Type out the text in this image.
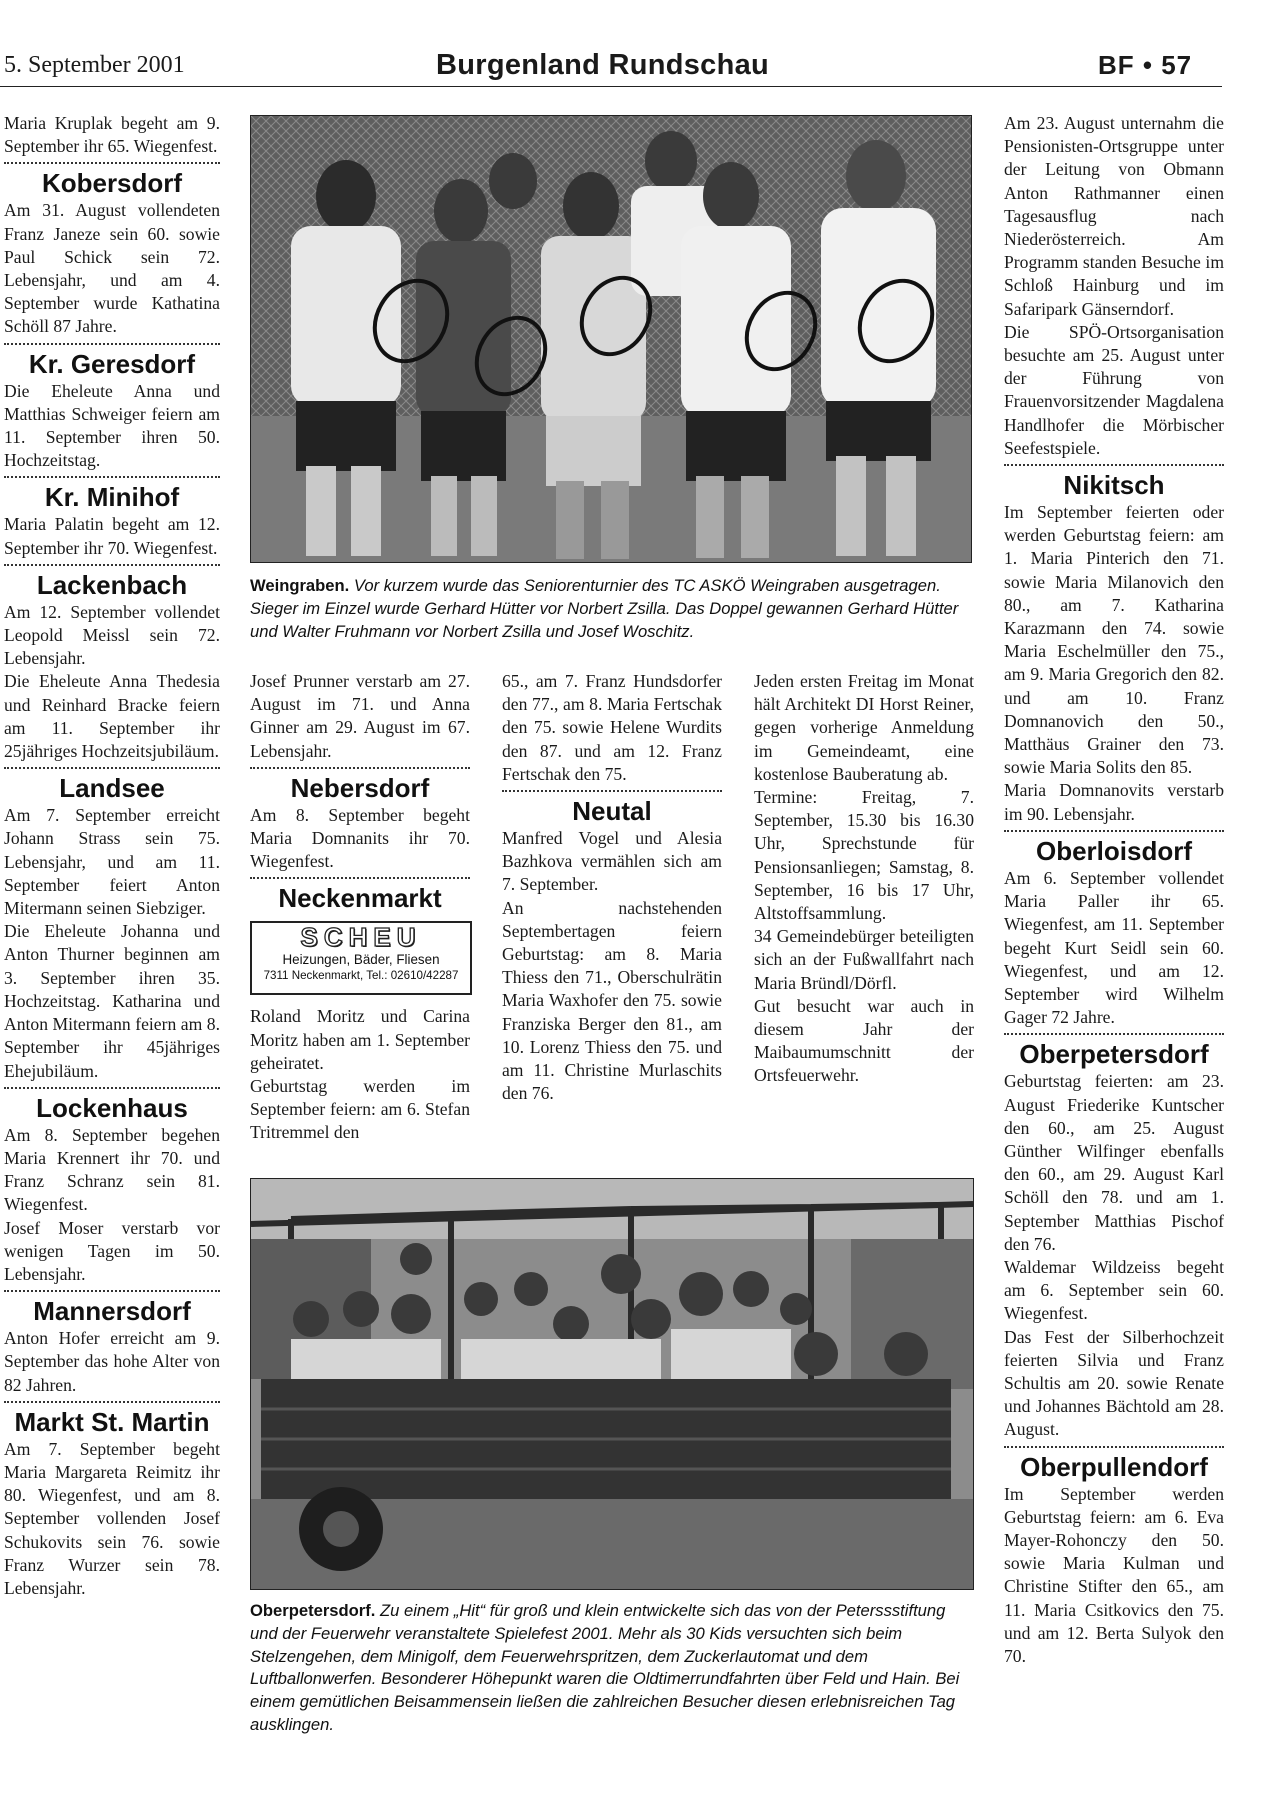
5. September 2001	Burgenland Rundschau	BF • 57

Maria Kruplak begeht am 9. September ihr 65. Wiegenfest.

Kobersdorf

Am 31. August vollendeten Franz Janeze sein 60. sowie Paul Schick sein 72. Lebensjahr, und am 4. September wurde Kathatina Schöll 87 Jahre.

Kr. Geresdorf

Die Eheleute Anna und Matthias Schweiger feiern am 11. September ihren 50. Hochzeitstag.

Kr. Minihof

Maria Palatin begeht am 12. September ihr 70. Wiegenfest.

Lackenbach

Am 12. September vollendet Leopold Meissl sein 72. Lebensjahr.

Die Eheleute Anna Thedesia und Reinhard Bracke feiern am 11. September ihr 25jähriges Hochzeitsjubiläum.

Landsee

Am 7. September erreicht Johann Strass sein 75. Lebensjahr, und am 11. September feiert Anton Mitermann seinen Siebziger.

Die Eheleute Johanna und Anton Thurner beginnen am 3. September ihren 35. Hochzeitstag. Katharina und Anton Mitermann feiern am 8. September ihr 45jähriges Ehejubiläum.

Lockenhaus

Am 8. September begehen Maria Krennert ihr 70. und Franz Schranz sein 81. Wiegenfest.

Josef Moser verstarb vor wenigen Tagen im 50. Lebensjahr.

Mannersdorf

Anton Hofer erreicht am 9. September das hohe Alter von 82 Jahren.

Markt St. Martin

Am 7. September begeht Maria Margareta Reimitz ihr 80. Wiegenfest, und am 8. September vollenden Josef Schukovits sein 76. sowie Franz Wurzer sein 78. Lebensjahr.

Weingraben. Vor kurzem wurde das Seniorenturnier des TC ASKÖ Weingraben ausgetragen. Sieger im Einzel wurde Gerhard Hütter vor Norbert Zsilla. Das Doppel gewannen Gerhard Hütter und Walter Fruhmann vor Norbert Zsilla und Josef Woschitz.

Josef Prunner verstarb am 27. August im 71. und Anna Ginner am 29. August im 67. Lebensjahr.

Nebersdorf

Am 8. September begeht Maria Domnanits ihr 70. Wiegenfest.

Neckenmarkt
SCHEU
Heizungen, Bäder, Fliesen
7311 Neckenmarkt, Tel.: 02610/42287

Roland Moritz und Carina Moritz haben am 1. September geheiratet.

Geburtstag werden im September feiern: am 6. Stefan Tritremmel den

65., am 7. Franz Hundsdorfer den 77., am 8. Maria Fertschak den 75. sowie Helene Wurdits den 87. und am 12. Franz Fertschak den 75.

Neutal

Manfred Vogel und Alesia Bazhkova vermählen sich am 7. September.

An nachstehenden Septembertagen feiern Geburtstag: am 8. Maria Thiess den 71., Oberschulrätin Maria Waxhofer den 75. sowie Franziska Berger den 81., am 10. Lorenz Thiess den 75. und am 11. Christine Murlaschits den 76.

Jeden ersten Freitag im Monat hält Architekt DI Horst Reiner, gegen vorherige Anmeldung im Gemeindeamt, eine kostenlose Bauberatung ab.

Termine: Freitag, 7. September, 15.30 bis 16.30 Uhr, Sprechstunde für Pensionsanliegen; Samstag, 8. September, 16 bis 17 Uhr, Altstoffsammlung.

34 Gemeindebürger beteiligten sich an der Fußwallfahrt nach Maria Bründl/Dörfl.

Gut besucht war auch in diesem Jahr der Maibaumumschnitt der Ortsfeuerwehr.

Oberpetersdorf. Zu einem „Hit“ für groß und klein entwickelte sich das von der Peterssstiftung und der Feuerwehr veranstaltete Spielefest 2001. Mehr als 30 Kids versuchten sich beim Stelzengehen, dem Minigolf, dem Feuerwehrspritzen, dem Zuckerlautomat und dem Luftballonwerfen. Besonderer Höhepunkt waren die Oldtimerrundfahrten über Feld und Hain. Bei einem gemütlichen Beisammensein ließen die zahlreichen Besucher diesen erlebnisreichen Tag ausklingen.

Am 23. August unternahm die Pensionisten-Ortsgruppe unter der Leitung von Obmann Anton Rathmanner einen Tagesausflug nach Niederösterreich. Am Programm standen Besuche im Schloß Hainburg und im Safaripark Gänserndorf.

Die SPÖ-Ortsorganisation besuchte am 25. August unter der Führung von Frauenvorsitzender Magdalena Handlhofer die Mörbischer Seefestspiele.

Nikitsch

Im September feierten oder werden Geburtstag feiern: am 1. Maria Pinterich den 71. sowie Maria Milanovich den 80., am 7. Katharina Karazmann den 74. sowie Maria Eschelmüller den 75., am 9. Maria Gregorich den 82. und am 10. Franz Domnanovich den 50., Matthäus Grainer den 73. sowie Maria Solits den 85.

Maria Domnanovits verstarb im 90. Lebensjahr.

Oberloisdorf

Am 6. September vollendet Maria Paller ihr 65. Wiegenfest, am 11. September begeht Kurt Seidl sein 60. Wiegenfest, und am 12. September wird Wilhelm Gager 72 Jahre.

Oberpetersdorf

Geburtstag feierten: am 23. August Friederike Kuntscher den 60., am 25. August Günther Wilfinger ebenfalls den 60., am 29. August Karl Schöll den 78. und am 1. September Matthias Pischof den 76.

Waldemar Wildzeiss begeht am 6. September sein 60. Wiegenfest.

Das Fest der Silberhochzeit feierten Silvia und Franz Schultis am 20. sowie Renate und Johannes Bächtold am 28. August.

Oberpullendorf

Im September werden Geburtstag feiern: am 6. Eva Mayer-Rohonczy den 50. sowie Maria Kulman und Christine Stifter den 65., am 11. Maria Csitkovics den 75. und am 12. Berta Sulyok den 70.
